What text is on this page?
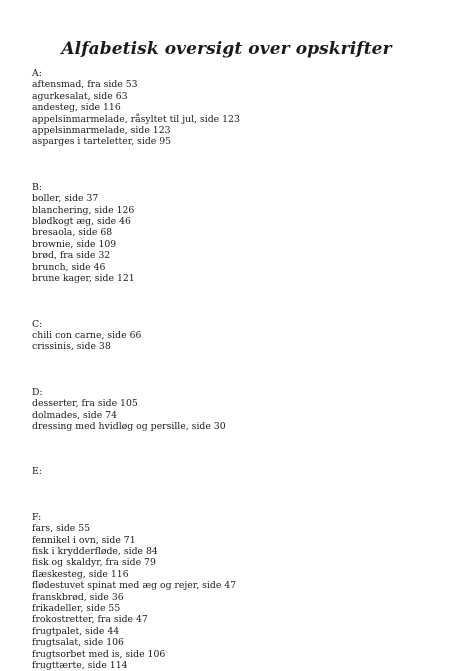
Alfabetisk oversigt over opskrifter
A:
aftensmad, fra side 53
agurkesalat, side 63
andesteg, side 116
appelsinmarmelade, råsyltet til jul, side 123
appelsinmarmelade, side 123
asparges i tarteletter, side 95
B:
boller, side 37
blanchering, side 126
blødkogt æg, side 46
bresaola, side 68
brownie, side 109
brød, fra side 32
brunch, side 46
brune kager, side 121
C:
chili con carne, side 66
crissinis, side 38
D:
desserter, fra side 105
dolmades, side 74
dressing med hvidløg og persille, side 30
E:
F:
fars, side 55
fennikel i ovn, side 71
fisk i krydderfløde, side 84
fisk og skaldyr, fra side 79
flæskesteg, side 116
flødestuvet spinat med æg og rejer, side 47
franskbrød, side 36
frikadeller, side 55
frokostretter, fra side 47
frugtpalet, side 44
frugtsalat, side 106
frugtsorbet med is, side 106
frugttærte, side 114
